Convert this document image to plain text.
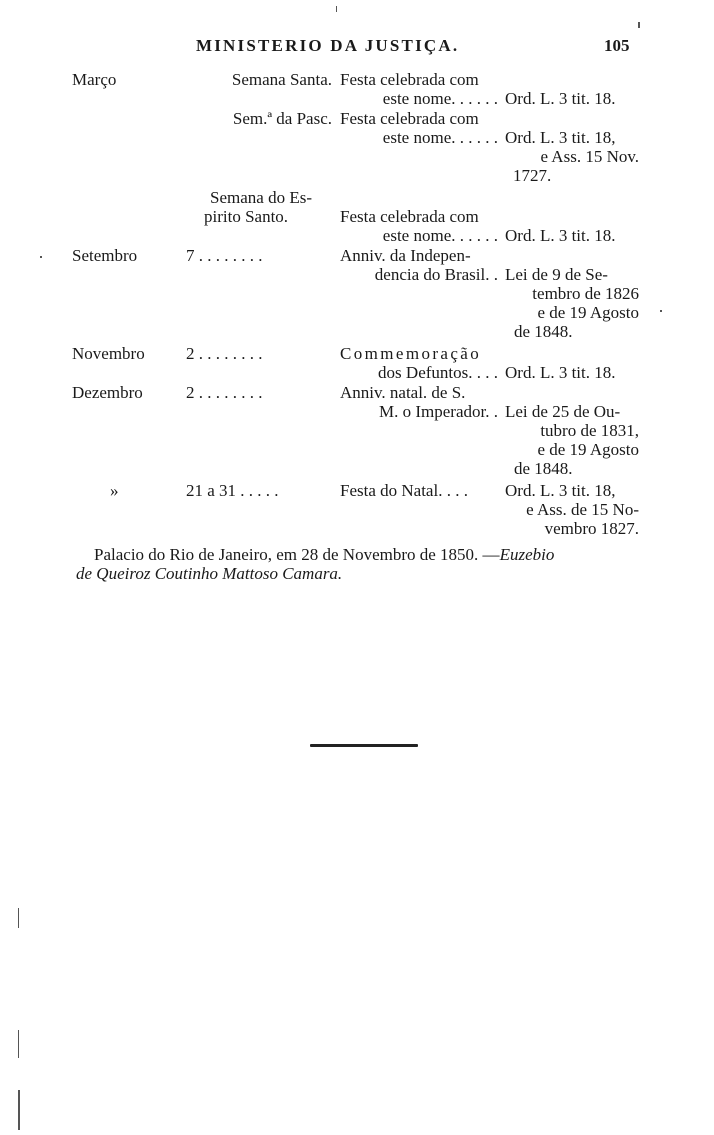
MINISTERIO DA JUSTIÇA.	105
Março	Semana Santa. Festa celebrada com
este nome. . . . . . Ord. L. 3 tit. 18.
Sem.ª da Pasc. Festa celebrada com
este nome. . . . . . Ord. L. 3 tit. 18,
e Ass. 15 Nov.
1727.
Semana do Es-
pirito Santo.	Festa celebrada com
este nome. . . . . . Ord. L. 3 tit. 18.
Setembro	7 . . . . . . . .	Anniv. da Indepen-
dencia do Brasil. . Lei de 9 de Se-
tembro de 1826
e de 19 Agosto
de 1848.
Novembro 2 . . . . . . . .	Commemoração
dos Defuntos. . . . Ord. L. 3 tit. 18.
Dezembro	2 . . . . . . . .	Anniv. natal. de S.
M. o Imperador. . Lei de 25 de Ou-
tubro de 1831,
e de 19 Agosto
de 1848.
»	21 a 31 . . . . .	Festa do Natal. . . .	Ord. L. 3 tit. 18,
e Ass. de 15 No-
vembro 1827.
Palacio do Rio de Janeiro, em 28 de Novembro de 1850. —Euzebio
de Queiroz Coutinho Mattoso Camara.
